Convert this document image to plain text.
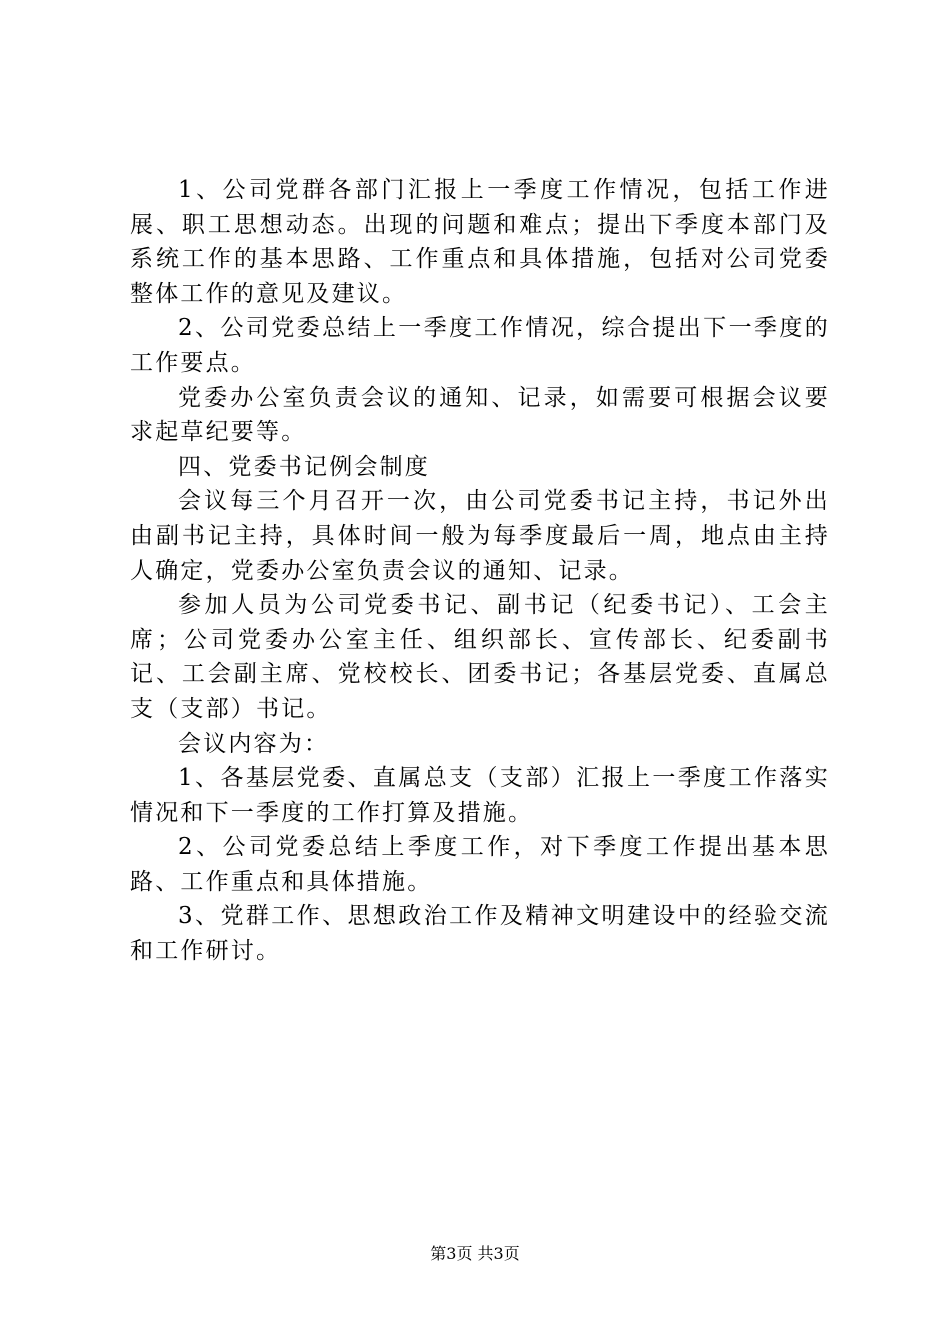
1、公司党群各部门汇报上一季度工作情况，包括工作进展、职工思想动态。出现的问题和难点；提出下季度本部门及系统工作的基本思路、工作重点和具体措施，包括对公司党委整体工作的意见及建议。

2、公司党委总结上一季度工作情况，综合提出下一季度的工作要点。

党委办公室负责会议的通知、记录，如需要可根据会议要求起草纪要等。

四、党委书记例会制度

会议每三个月召开一次，由公司党委书记主持，书记外出由副书记主持，具体时间一般为每季度最后一周，地点由主持人确定，党委办公室负责会议的通知、记录。

参加人员为公司党委书记、副书记（纪委书记）、工会主席；公司党委办公室主任、组织部长、宣传部长、纪委副书记、工会副主席、党校校长、团委书记；各基层党委、直属总支（支部）书记。

会议内容为：

1、各基层党委、直属总支（支部）汇报上一季度工作落实情况和下一季度的工作打算及措施。

2、公司党委总结上季度工作，对下季度工作提出基本思路、工作重点和具体措施。

3、党群工作、思想政治工作及精神文明建设中的经验交流和工作研讨。

第3页 共3页
